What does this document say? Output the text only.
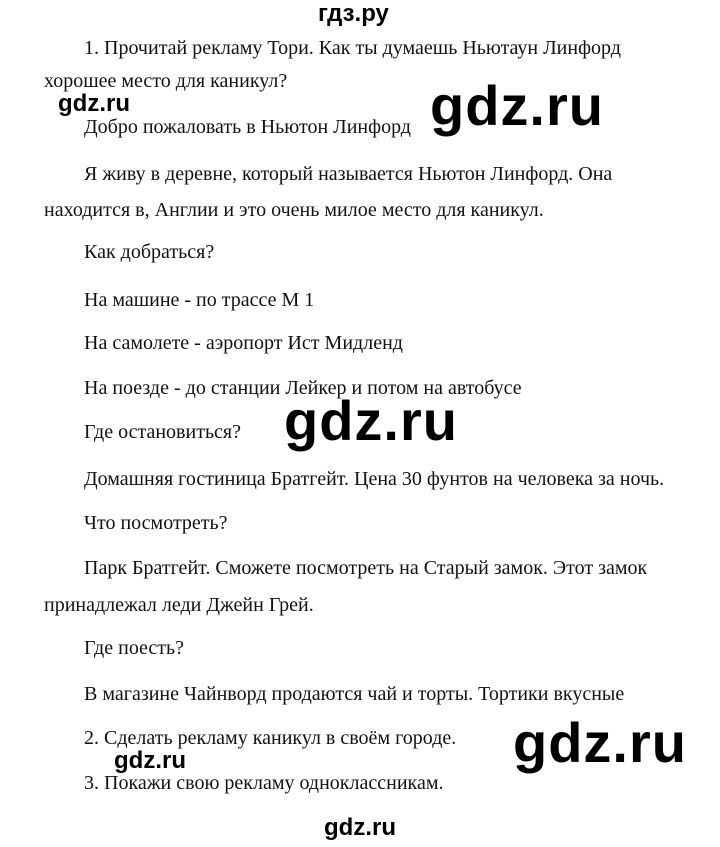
гдз.ру
1. Прочитай рекламу Тори. Как ты думаешь Ньютаун Линфорд
хорошее место для каникул?
gdz.ru	gdz.ru
Добро пожаловать в Ньютон Линфорд
Я живу в деревне, который называется Ньютон Линфорд. Она
находится в, Англии и это очень милое место для каникул.
Как добраться?
На машине - по трассе М 1
На самолете - аэропорт Ист Мидленд
На поезде - до станции Лейкер и потом на автобусе
Где остановиться? gdz.ru
Домашняя гостиница Братгейт. Цена 30 фунтов на человека за ночь.
Что посмотреть?
Парк Братгейт. Сможете посмотреть на Старый замок. Этот замок
принадлежал леди Джейн Грей.
Где поесть?
В магазине Чайнворд продаются чай и торты. Тортики вкусные
2. Сделать рекламу каникул в своём городе. gdz.ru
gdz.ru
3. Покажи свою рекламу одноклассникам.
gdz.ru
